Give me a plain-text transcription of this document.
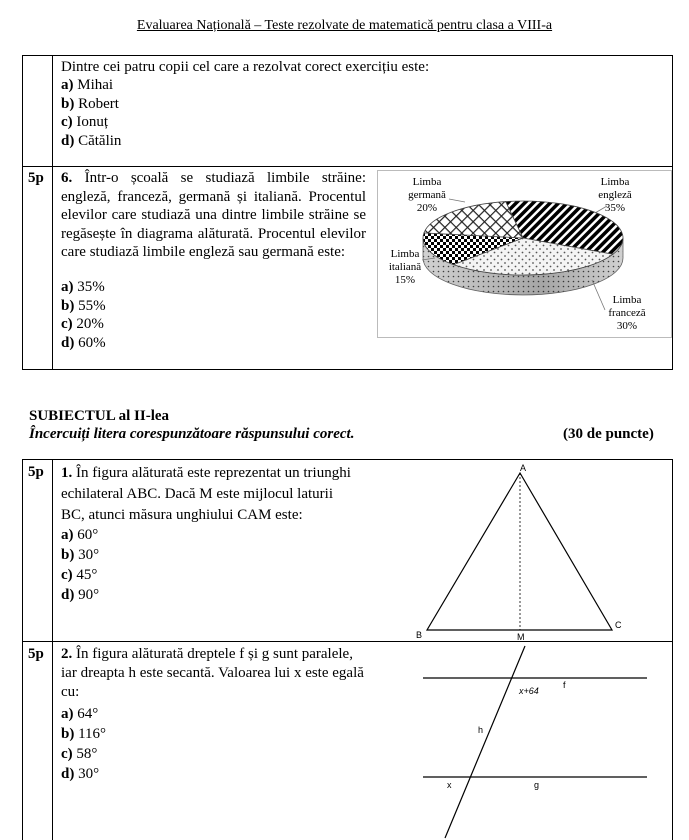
Evaluarea Națională – Teste rezolvate de matematică pentru clasa a VIII-a
Dintre cei patru copii cel care a rezolvat corect exercițiu este:
a) Mihai
b) Robert
c) Ionuț
d) Cătălin
5p 6. Într-o școală se studiază limbile străine: engleză, franceză, germană și italiană. Procentul elevilor care studiază una dintre limbile străine se regăsește în diagrama alăturată. Procentul elevilor care studiază limbile engleză sau germană este:
a) 35%
b) 55%
c) 20%
d) 60%
Limba
germană
20%
Limba
engleză
35%
Limba
italiană
15%
Limba
franceză
30%
SUBIECTUL al II-lea
Încercuiți litera corespunzătoare răspunsului corect.	(30 de puncte)
5p 1. În figura alăturată este reprezentat un triunghi
echilateral ABC. Dacă M este mijlocul laturii
BC, atunci măsura unghiului CAM este:
a) 60°
b) 30°
c) 45°
d) 90°
A
B
C
M
5p 2. În figura alăturată dreptele f și g sunt paralele,
iar dreapta h este secantă. Valoarea lui x este egală
cu:
a) 64°
b) 116°
c) 58°
d) 30°
x+64
f
h
x	g
